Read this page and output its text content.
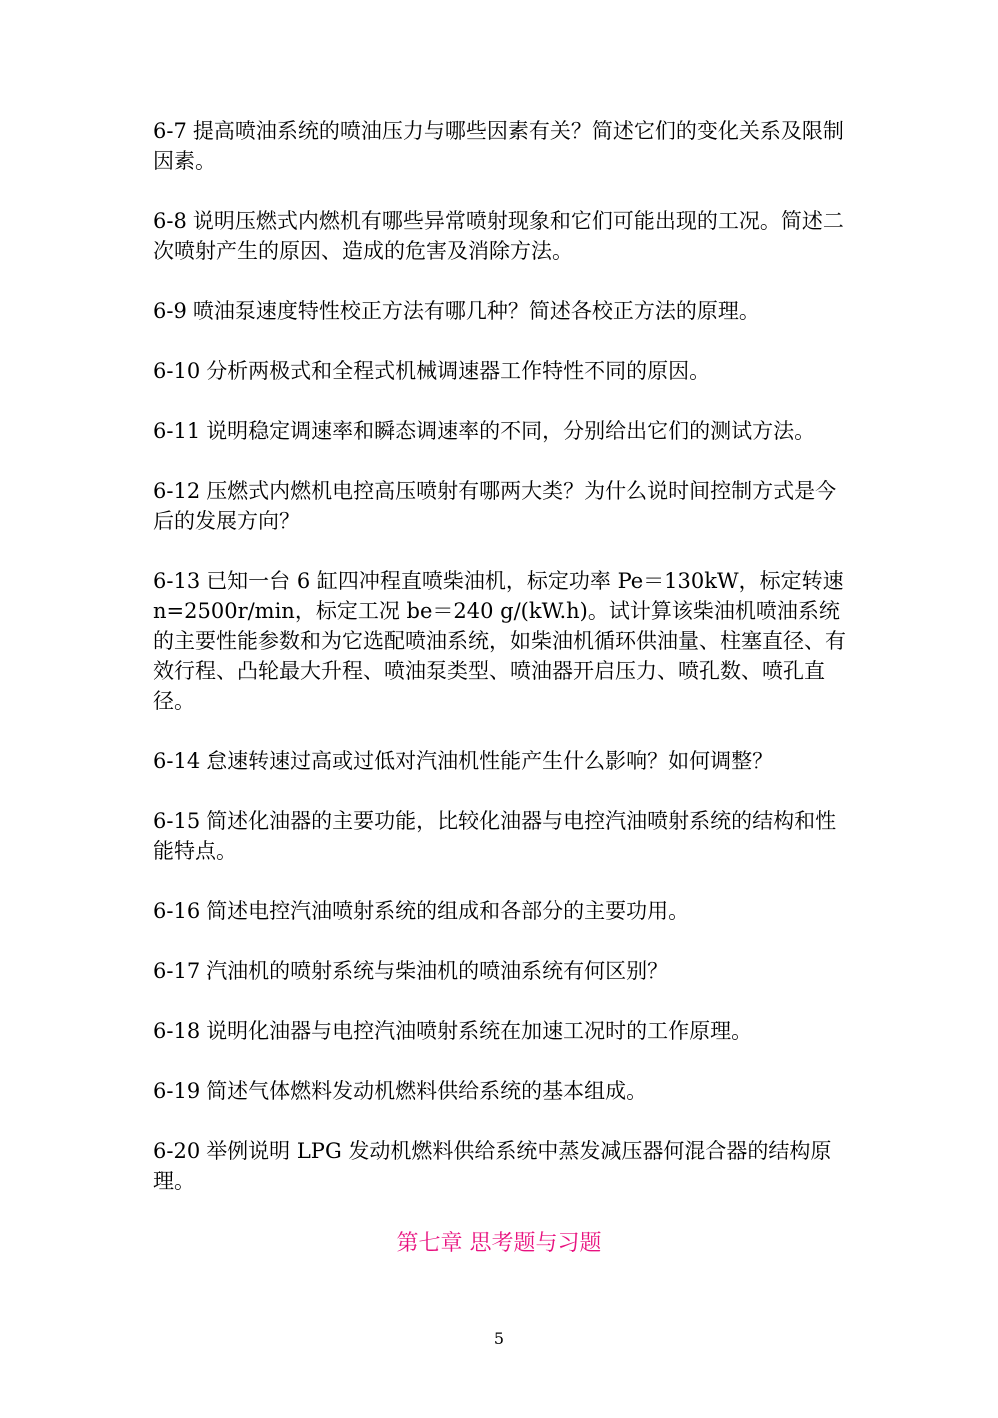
6-7 提高喷油系统的喷油压力与哪些因素有关？简述它们的变化关系及限制因素。

6-8 说明压燃式内燃机有哪些异常喷射现象和它们可能出现的工况。简述二次喷射产生的原因、造成的危害及消除方法。

6-9 喷油泵速度特性校正方法有哪几种？简述各校正方法的原理。

6-10 分析两极式和全程式机械调速器工作特性不同的原因。

6-11 说明稳定调速率和瞬态调速率的不同，分别给出它们的测试方法。

6-12 压燃式内燃机电控高压喷射有哪两大类？为什么说时间控制方式是今后的发展方向？

6-13 已知一台 6 缸四冲程直喷柴油机，标定功率 Pe＝130kW，标定转速 n=2500r/min，标定工况 be＝240 g/(kW.h)。试计算该柴油机喷油系统的主要性能参数和为它选配喷油系统，如柴油机循环供油量、柱塞直径、有效行程、凸轮最大升程、喷油泵类型、喷油器开启压力、喷孔数、喷孔直径。

6-14 怠速转速过高或过低对汽油机性能产生什么影响？如何调整？

6-15 简述化油器的主要功能，比较化油器与电控汽油喷射系统的结构和性能特点。

6-16 简述电控汽油喷射系统的组成和各部分的主要功用。

6-17 汽油机的喷射系统与柴油机的喷油系统有何区别？

6-18 说明化油器与电控汽油喷射系统在加速工况时的工作原理。

6-19 简述气体燃料发动机燃料供给系统的基本组成。

6-20 举例说明 LPG 发动机燃料供给系统中蒸发减压器何混合器的结构原理。

第七章 思考题与习题
5
